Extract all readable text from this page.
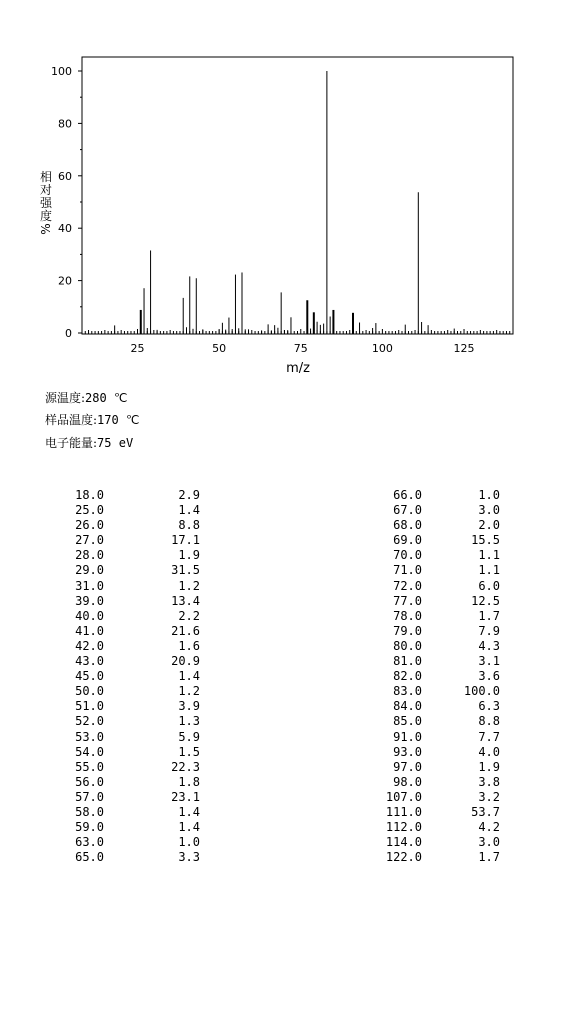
0
20
40
60
80
100
25	50	75	100	125
m/z
相
对
强
度
%
源温度:280 ℃
样品温度:170 ℃
电子能量:75 eV
18.0	2.9
25.0	1.4
26.0	8.8
27.0	17.1
28.0	1.9
29.0	31.5
31.0	1.2
39.0	13.4
40.0	2.2
41.0	21.6
42.0	1.6
43.0	20.9
45.0	1.4
50.0	1.2
51.0	3.9
52.0	1.3
53.0	5.9
54.0	1.5
55.0	22.3
56.0	1.8
57.0	23.1
58.0	1.4
59.0	1.4
63.0	1.0
65.0	3.3
66.0	1.0
67.0	3.0
68.0	2.0
69.0	15.5
70.0	1.1
71.0	1.1
72.0	6.0
77.0	12.5
78.0	1.7
79.0	7.9
80.0	4.3
81.0	3.1
82.0	3.6
83.0	100.0
84.0	6.3
85.0	8.8
91.0	7.7
93.0	4.0
97.0	1.9
98.0	3.8
107.0	3.2
111.0	53.7
112.0	4.2
114.0	3.0
122.0	1.7
